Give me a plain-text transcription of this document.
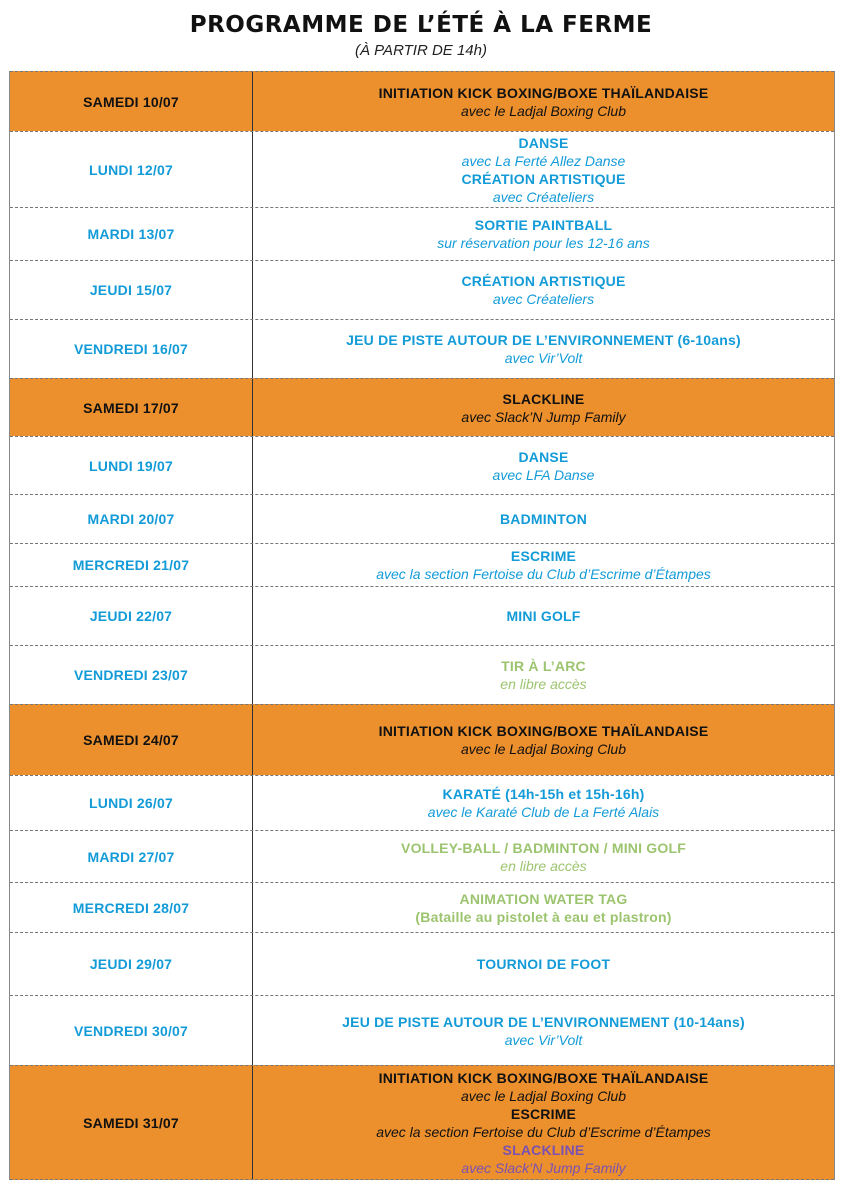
PROGRAMME DE L’ÉTÉ À LA FERME
(À PARTIR DE 14h)
SAMEDI 10/07
INITIATION KICK BOXING/BOXE THAÏLANDAISE
avec le Ladjal Boxing Club
LUNDI 12/07
DANSE
avec La Ferté Allez Danse
CRÉATION ARTISTIQUE
avec Créateliers
MARDI 13/07
SORTIE PAINTBALL
sur réservation pour les 12-16 ans
JEUDI 15/07
CRÉATION ARTISTIQUE
avec Créateliers
VENDREDI 16/07
JEU DE PISTE AUTOUR DE L’ENVIRONNEMENT (6-10ans)
avec Vir’Volt
SAMEDI 17/07
SLACKLINE
avec Slack’N Jump Family
LUNDI 19/07
DANSE
avec LFA Danse
MARDI 20/07	BADMINTON
MERCREDI 21/07
ESCRIME
avec la section Fertoise du Club d’Escrime d’Étampes
JEUDI 22/07	MINI GOLF
VENDREDI 23/07
TIR À L’ARC
en libre accès
SAMEDI 24/07
INITIATION KICK BOXING/BOXE THAÏLANDAISE
avec le Ladjal Boxing Club
LUNDI 26/07
KARATÉ (14h-15h et 15h-16h)
avec le Karaté Club de La Ferté Alais
MARDI 27/07
VOLLEY-BALL / BADMINTON / MINI GOLF
en libre accès
MERCREDI 28/07
ANIMATION WATER TAG
(Bataille au pistolet à eau et plastron)
JEUDI 29/07	TOURNOI DE FOOT
VENDREDI 30/07
JEU DE PISTE AUTOUR DE L’ENVIRONNEMENT (10-14ans)
avec Vir’Volt
SAMEDI 31/07
INITIATION KICK BOXING/BOXE THAÏLANDAISE
avec le Ladjal Boxing Club
ESCRIME
avec la section Fertoise du Club d’Escrime d’Étampes
SLACKLINE
avec Slack’N Jump Family
